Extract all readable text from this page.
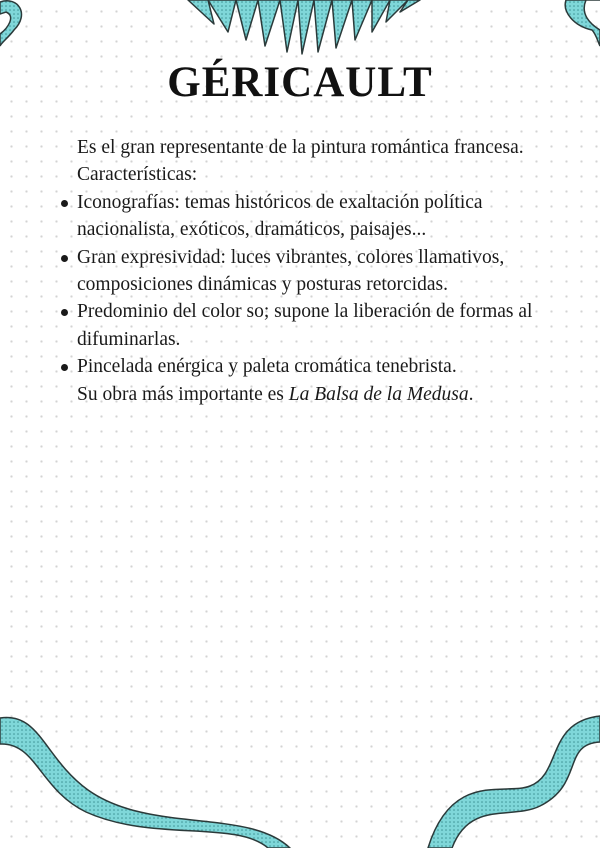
GÉRICAULT

Es el gran representante de la pintura romántica francesa.

Características:

Iconografías: temas históricos de exaltación política nacionalista, exóticos, dramáticos, paisajes...
Gran expresividad: luces vibrantes, colores llamativos, composiciones dinámicas y posturas retorcidas.
Predominio del color so; supone la liberación de formas al difuminarlas.
Pincelada enérgica y paleta cromática tenebrista.

Su obra más importante es La Balsa de la Medusa.
